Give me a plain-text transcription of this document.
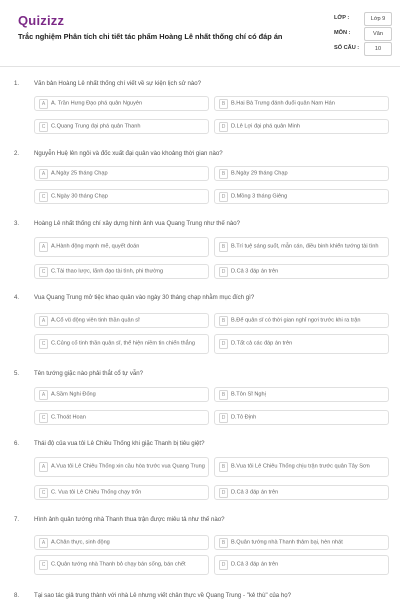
Quizizz
Trắc nghiệm Phân tích chi tiết tác phẩm Hoàng Lê nhất thống chí có đáp án
LỚP :	Lớp 9
MÔN :	Văn
SỐ CÂU :	10
1. Văn bản Hoàng Lê nhất thống chí viết về sự kiện lịch sử nào?
A	A. Trần Hưng Đạo phá quân Nguyên	B	B.Hai Bà Trưng đánh đuổi quân Nam Hán
C	C.Quang Trung đại phá quân Thanh	D	D.Lê Lợi đại phá quân Minh
2. Nguyễn Huệ lên ngôi và đốc xuất đại quân vào khoảng thời gian nào?
A	A.Ngày 25 tháng Chạp	B	B.Ngày 29 tháng Chạp
C	C.Ngày 30 tháng Chạp	D	D.Mồng 3 tháng Giêng
3. Hoàng Lê nhất thống chí xây dựng hình ảnh vua Quang Trung như thế nào?
A	A.Hành động mạnh mẽ, quyết đoán	B	B.Trí tuệ sáng suốt, mẫn cán, điều binh khiển tướng tài tình
C	C.Tài thao lược, lãnh đạo tài tình, phi thường	D	D.Cả 3 đáp án trên
4. Vua Quang Trung mở tiệc khao quân vào ngày 30 tháng chạp nhằm mục đích gì?
A	A.Cổ vũ động viên tinh thần quân sĩ	B	B.Để quân sĩ có thời gian nghỉ ngơi trước khi ra trận
C	C.Củng cố tinh thần quân sĩ, thể hiện niềm tin chiến thắng	D	D.Tất cả các đáp án trên
5. Tên tướng giặc nào phải thắt cổ tự vẫn?
A	A.Sầm Nghi Đống	B	B.Tôn Sĩ Nghị
C	C.Thoát Hoan	D	D.Tô Định
6. Thái độ của vua tôi Lê Chiêu Thống khi giặc Thanh bị tiêu giệt?
A	A.Vua tôi Lê Chiêu Thống xin cầu hòa trước vua Quang Trung	B	B.Vua tôi Lê Chiêu Thống chịu trận trước quân Tây Sơn
C	C. Vua tôi Lê Chiêu Thống chạy trốn	D	D.Cả 3 đáp án trên
7. Hình ảnh quân tướng nhà Thanh thua trận được miêu tả như thế nào?
A	A.Chân thực, sinh động	B	B.Quân tướng nhà Thanh thảm bại, hèn nhát
C	C.Quân tướng nhà Thanh bỏ chạy bán sống, bán chết	D	D.Cả 3 đáp án trên
8. Tại sao tác giả trung thành với nhà Lê nhưng viết chân thực về Quang Trung - "kẻ thù" của họ?
